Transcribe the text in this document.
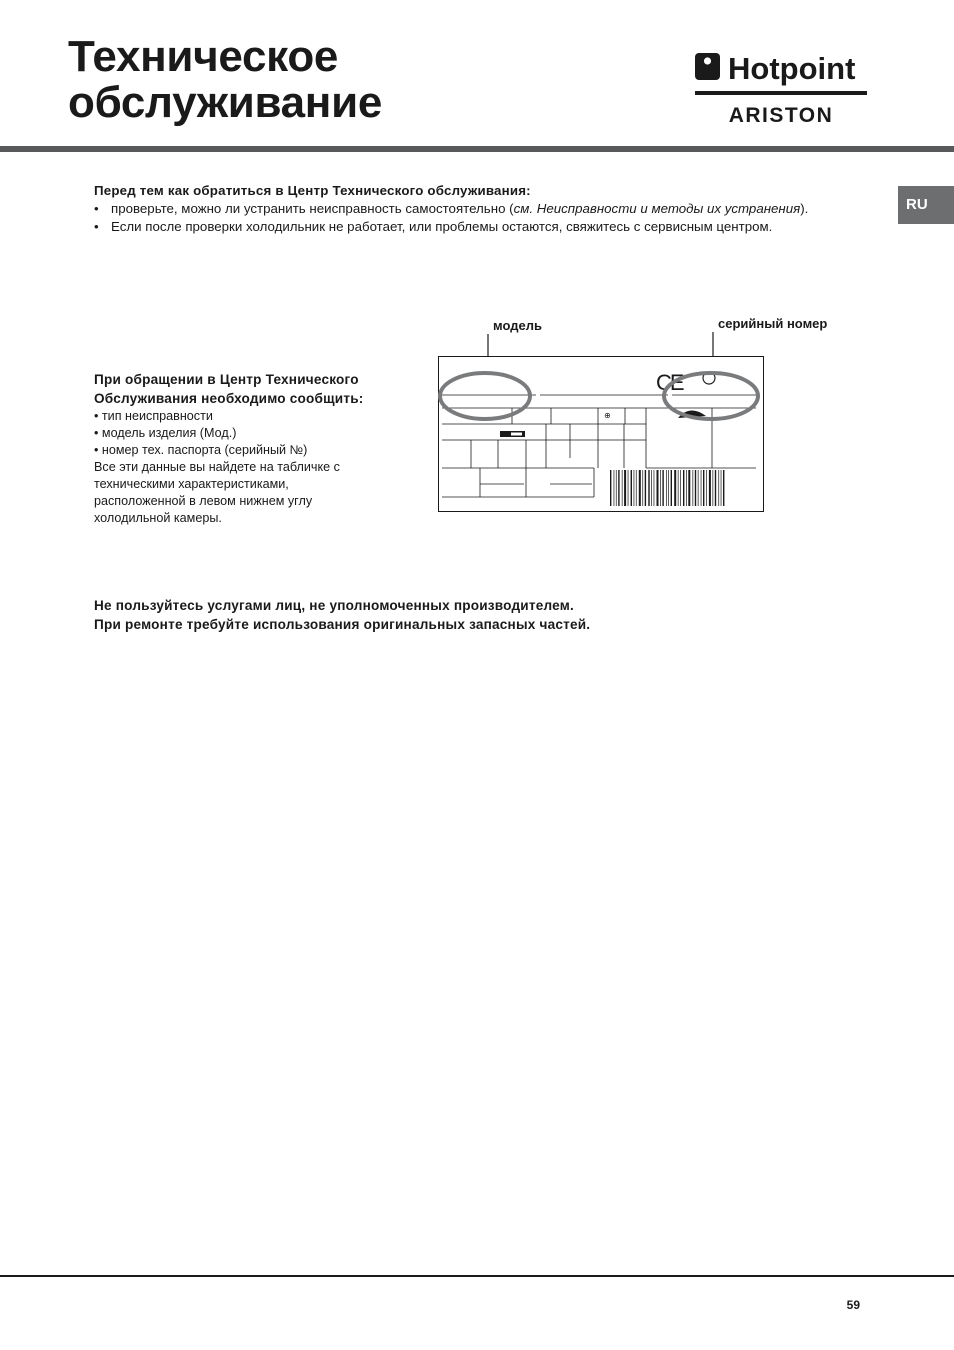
Техническое
обслуживание
Hotpoint
ARISTON
RU
Перед тем как обратиться в Центр Технического обслуживания:
• проверьте, можно ли устранить неисправность самостоятельно (см. Неисправности и методы их устранения).
• Если после проверки холодильник не работает, или проблемы остаются, свяжитесь с сервисным центром.
При обращении в Центр Технического
Обслуживания необходимо сообщить:
• тип неисправности
• модель изделия (Мод.)
• номер тех. паспорта (серийный №)
Все эти данные вы найдете на табличке с
техническими характеристиками,
расположенной в левом нижнем углу
холодильной камеры.
модель	серийный номер
⊕
CE
Не пользуйтесь услугами лиц, не уполномоченных производителем.
При ремонте требуйте использования оригинальных запасных частей.
59
